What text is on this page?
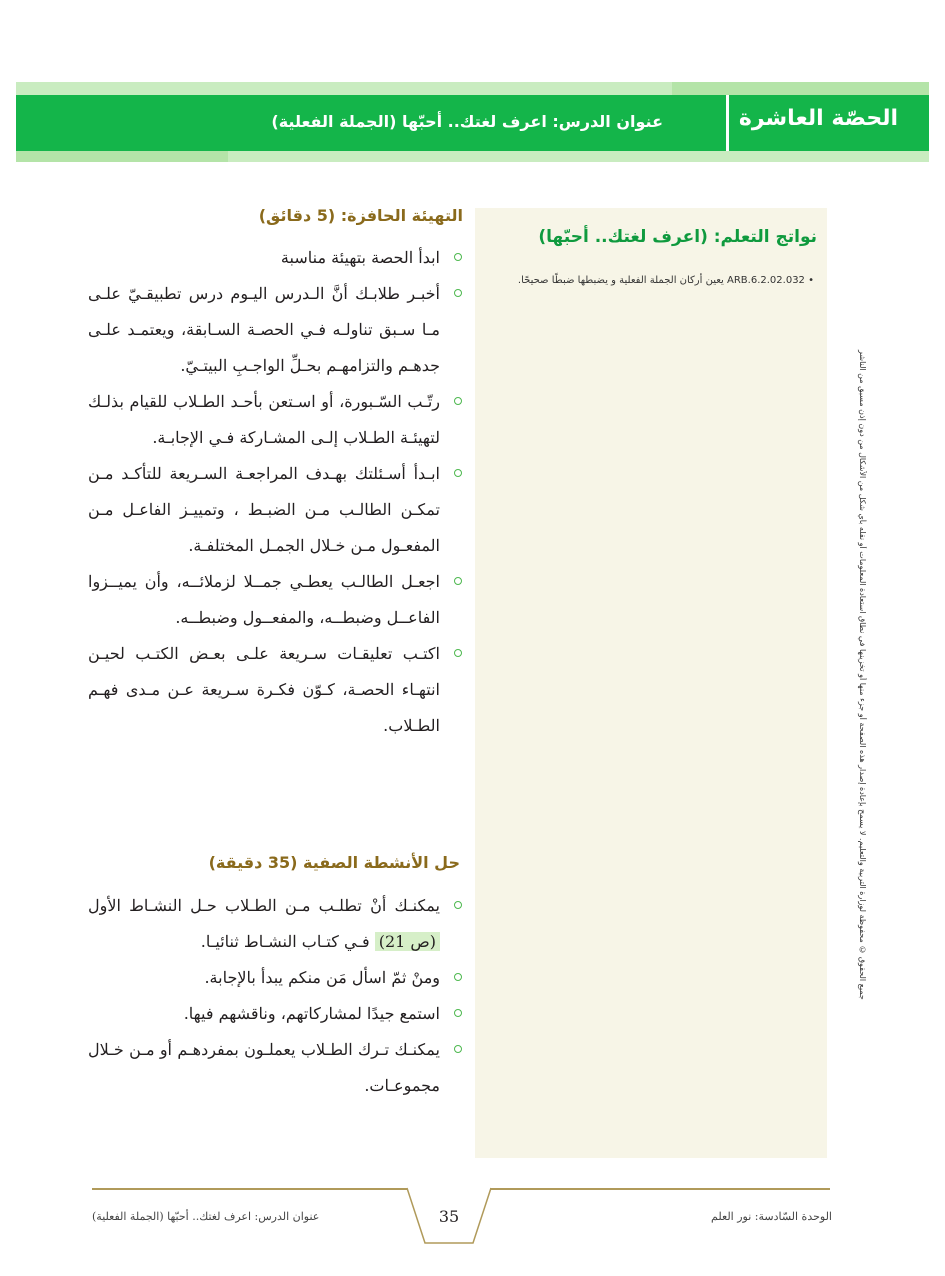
الحصّة العاشرة
عنوان الدرس: اعرف لغتك.. أحبّها (الجملة الفعلية)
نواتج التعلم: (اعرف لغتك.. أحبّها)
• ARB.6.2.02.032 يعين أركان الجملة الفعلية و يضبطها ضبطًا صحيحًا.
جميع الحقوق © محفوظة لوزارة التربية والتعليم. لا يسمح بإعادة إصدار هذه الصفحة أو جزء منها أو تخزينها في نطاق استعادة المعلومات أو نقله بأي شكل من الأشكال من دون إذن مسبق من الناشر
التهيئة الحافزة: (5 دقائق)
ابدأ الحصة بتهيئة مناسبة
أخبـر طلابـك أنَّ الـدرس اليـوم درس تطبيقـيّ علـى مـا سـبق تناولـه فـي الحصـة السـابقة، ويعتمـد علـى جدهـم والتزامهـم بحـلِّ الواجـبِ البيتـيّ.
رتّـب السّـبورة، أو اسـتعن بأحـد الطـلاب للقيام بذلـك لتهيئـة الطـلاب إلـى المشـاركة فـي الإجابـة.
ابـدأ أسـئلتك بهـدف المراجعـة السـريعة للتأكـد مـن تمكـن الطالـب مـن الضبـط ، وتمييـز الفاعـل مـن المفعـول مـن خـلال الجمـل المختلفـة.
اجعـل الطالـب يعطـي جمــلا لزملائــه، وأن يميــزوا الفاعــل وضبطــه، والمفعــول وضبطــه.
اكتـب تعليقـات سـريعة علـى بعـض الكتـب لحيـن انتهـاء الحصـة، كـوّن فكـرة سـريعة عـن مـدى فهـم الطـلاب.
حل الأنشطة الصفية (35 دقيقة)
يمكنـك أنْ تطلـب مـن الطـلاب حـل النشـاط الأول (ص 21) فـي كتـاب النشـاط ثنائيـا.
ومنْ ثمّ اسأل مَن منكم يبدأ بالإجابة.
استمع جيدًا لمشاركاتهم، وناقشهم فيها.
يمكنـك تـرك الطـلاب يعملـون بمفردهـم أو مـن خـلال مجموعـات.
35	الوحدة السّادسة: نور العلم
عنوان الدرس: اعرف لغتك.. أحبّها (الجملة الفعلية)
